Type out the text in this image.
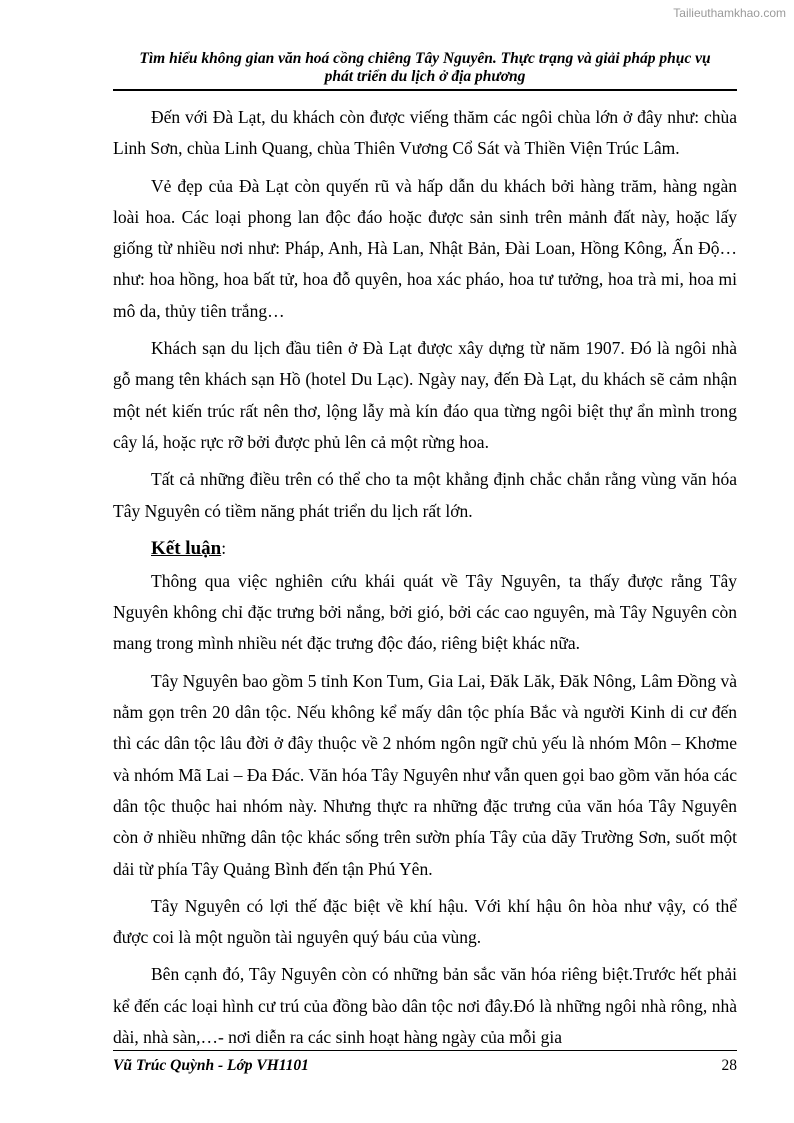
Tailieuthamkhao.com
Tìm hiểu không gian văn hoá cồng chiêng Tây Nguyên. Thực trạng và giải pháp phục vụ
phát triển du lịch ở địa phương

Đến với Đà Lạt, du khách còn được viếng thăm các ngôi chùa lớn ở đây như: chùa Linh Sơn, chùa Linh Quang, chùa Thiên Vương Cổ Sát và Thiền Viện Trúc Lâm.

Vẻ đẹp của Đà Lạt còn quyến rũ và hấp dẫn du khách bởi hàng trăm, hàng ngàn loài hoa. Các loại phong lan độc đáo hoặc được sản sinh trên mảnh đất này, hoặc lấy giống từ nhiều nơi như: Pháp, Anh, Hà Lan, Nhật Bản, Đài Loan, Hồng Kông, Ấn Độ… như: hoa hồng, hoa bất tử, hoa đỗ quyên, hoa xác pháo, hoa tư tưởng, hoa trà mi, hoa mi mô da, thủy tiên trắng…

Khách sạn du lịch đầu tiên ở Đà Lạt được xây dựng từ năm 1907. Đó là ngôi nhà gỗ mang tên khách sạn Hồ (hotel Du Lạc). Ngày nay, đến Đà Lạt, du khách sẽ cảm nhận một nét kiến trúc rất nên thơ, lộng lẫy mà kín đáo qua từng ngôi biệt thự ẩn mình trong cây lá, hoặc rực rỡ bởi được phủ lên cả một rừng hoa.

Tất cả những điều trên có thể cho ta một khẳng định chắc chắn rằng vùng văn hóa Tây Nguyên có tiềm năng phát triển du lịch rất lớn.

Kết luận:

Thông qua việc nghiên cứu khái quát về Tây Nguyên, ta thấy được rằng Tây Nguyên không chỉ đặc trưng bởi nắng, bởi gió, bởi các cao nguyên, mà Tây Nguyên còn mang trong mình nhiều nét đặc trưng độc đáo, riêng biệt khác nữa.

Tây Nguyên bao gồm 5 tỉnh Kon Tum, Gia Lai, Đăk Lăk, Đăk Nông, Lâm Đồng và nằm gọn trên 20 dân tộc. Nếu không kể mấy dân tộc phía Bắc và người Kinh di cư đến thì các dân tộc lâu đời ở đây thuộc về 2 nhóm ngôn ngữ chủ yếu là nhóm Môn – Khơme và nhóm Mã Lai – Đa Đác. Văn hóa Tây Nguyên như vẫn quen gọi bao gồm văn hóa các dân tộc thuộc hai nhóm này. Nhưng thực ra những đặc trưng của văn hóa Tây Nguyên còn ở nhiều những dân tộc khác sống trên sườn phía Tây của dãy Trường Sơn, suốt một dải từ phía Tây Quảng Bình đến tận Phú Yên.

Tây Nguyên có lợi thế đặc biệt về khí hậu. Với khí hậu ôn hòa như vậy, có thể được coi là một nguồn tài nguyên quý báu của vùng.

Bên cạnh đó, Tây Nguyên còn có những bản sắc văn hóa riêng biệt.Trước hết phải kể đến các loại hình cư trú của đồng bào dân tộc nơi đây.Đó là những ngôi nhà rông, nhà dài, nhà sàn,…- nơi diễn ra các sinh hoạt hàng ngày của mỗi gia

Vũ Trúc Quỳnh - Lớp VH1101	28
